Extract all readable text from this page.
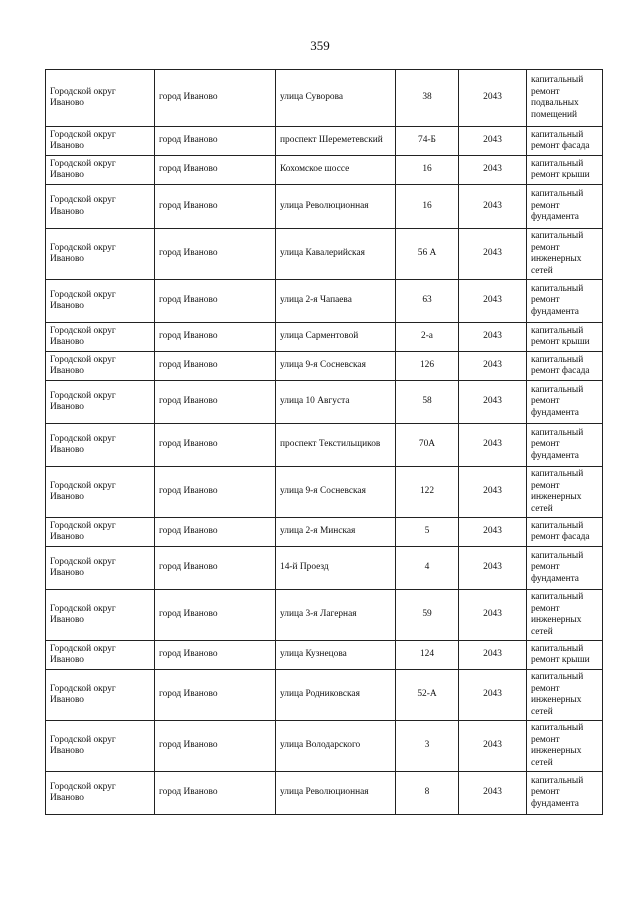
359
Городской округ Иваново	город Иваново	улица Суворова	38	2043	капитальный ремонт подвальных помещений
Городской округ Иваново	город Иваново	проспект Шереметевский	74-Б	2043	капитальный ремонт фасада
Городской округ Иваново	город Иваново	Кохомское шоссе	16	2043	капитальный ремонт крыши
Городской округ Иваново	город Иваново	улица Революционная	16	2043	капитальный ремонт фундамента
Городской округ Иваново	город Иваново	улица Кавалерийская	56 А	2043	капитальный ремонт инженерных сетей
Городской округ Иваново	город Иваново	улица 2-я Чапаева	63	2043	капитальный ремонт фундамента
Городской округ Иваново	город Иваново	улица Сарментовой	2-а	2043	капитальный ремонт крыши
Городской округ Иваново	город Иваново	улица 9-я Сосневская	126	2043	капитальный ремонт фасада
Городской округ Иваново	город Иваново	улица 10 Августа	58	2043	капитальный ремонт фундамента
Городской округ Иваново	город Иваново	проспект Текстильщиков	70А	2043	капитальный ремонт фундамента
Городской округ Иваново	город Иваново	улица 9-я Сосневская	122	2043	капитальный ремонт инженерных сетей
Городской округ Иваново	город Иваново	улица 2-я Минская	5	2043	капитальный ремонт фасада
Городской округ Иваново	город Иваново	14-й Проезд	4	2043	капитальный ремонт фундамента
Городской округ Иваново	город Иваново	улица 3-я Лагерная	59	2043	капитальный ремонт инженерных сетей
Городской округ Иваново	город Иваново	улица Кузнецова	124	2043	капитальный ремонт крыши
Городской округ Иваново	город Иваново	улица Родниковская	52-А	2043	капитальный ремонт инженерных сетей
Городской округ Иваново	город Иваново	улица Володарского	3	2043	капитальный ремонт инженерных сетей
Городской округ Иваново	город Иваново	улица Революционная	8	2043	капитальный ремонт фундамента
